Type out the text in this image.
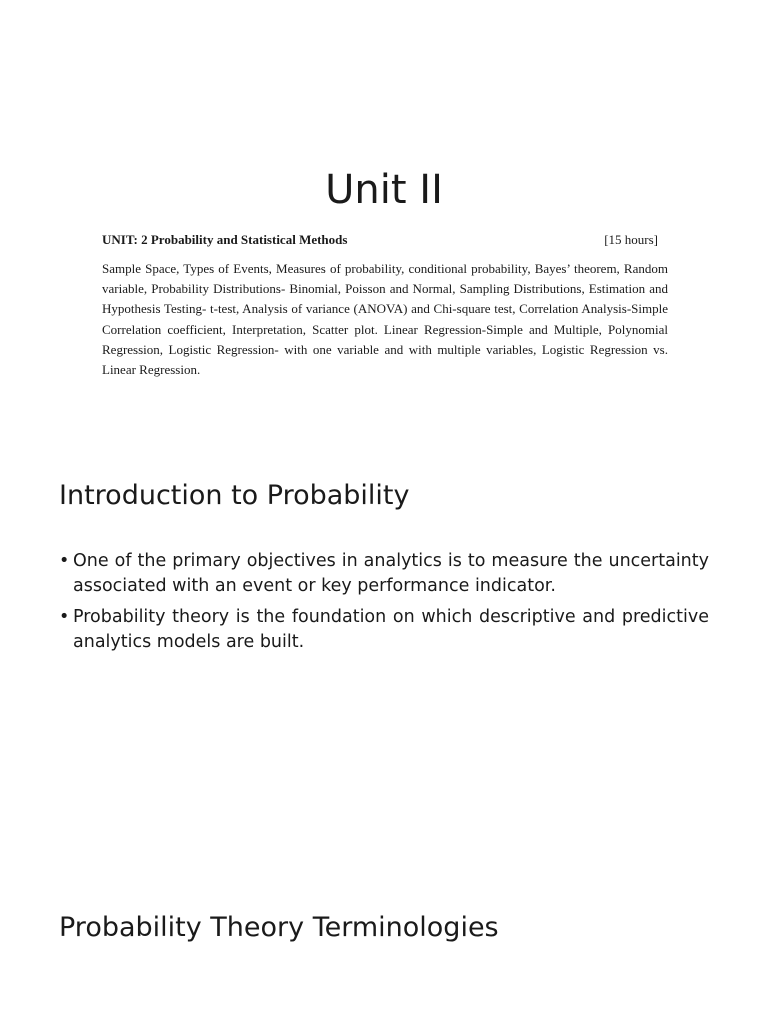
Unit II
UNIT: 2 Probability and Statistical Methods	[15 hours]
Sample Space, Types of Events, Measures of probability, conditional probability, Bayes’ theorem, Random variable, Probability Distributions- Binomial, Poisson and Normal, Sampling Distributions, Estimation and Hypothesis Testing- t-test, Analysis of variance (ANOVA) and Chi-square test, Correlation Analysis-Simple Correlation coefficient, Interpretation, Scatter plot. Linear Regression-Simple and Multiple, Polynomial Regression, Logistic Regression- with one variable and with multiple variables, Logistic Regression vs. Linear Regression.
Introduction to Probability
• One of the primary objectives in analytics is to measure the uncertainty associated with an event or key performance indicator.
• Probability theory is the foundation on which descriptive and predictive analytics models are built.
Probability Theory Terminologies
